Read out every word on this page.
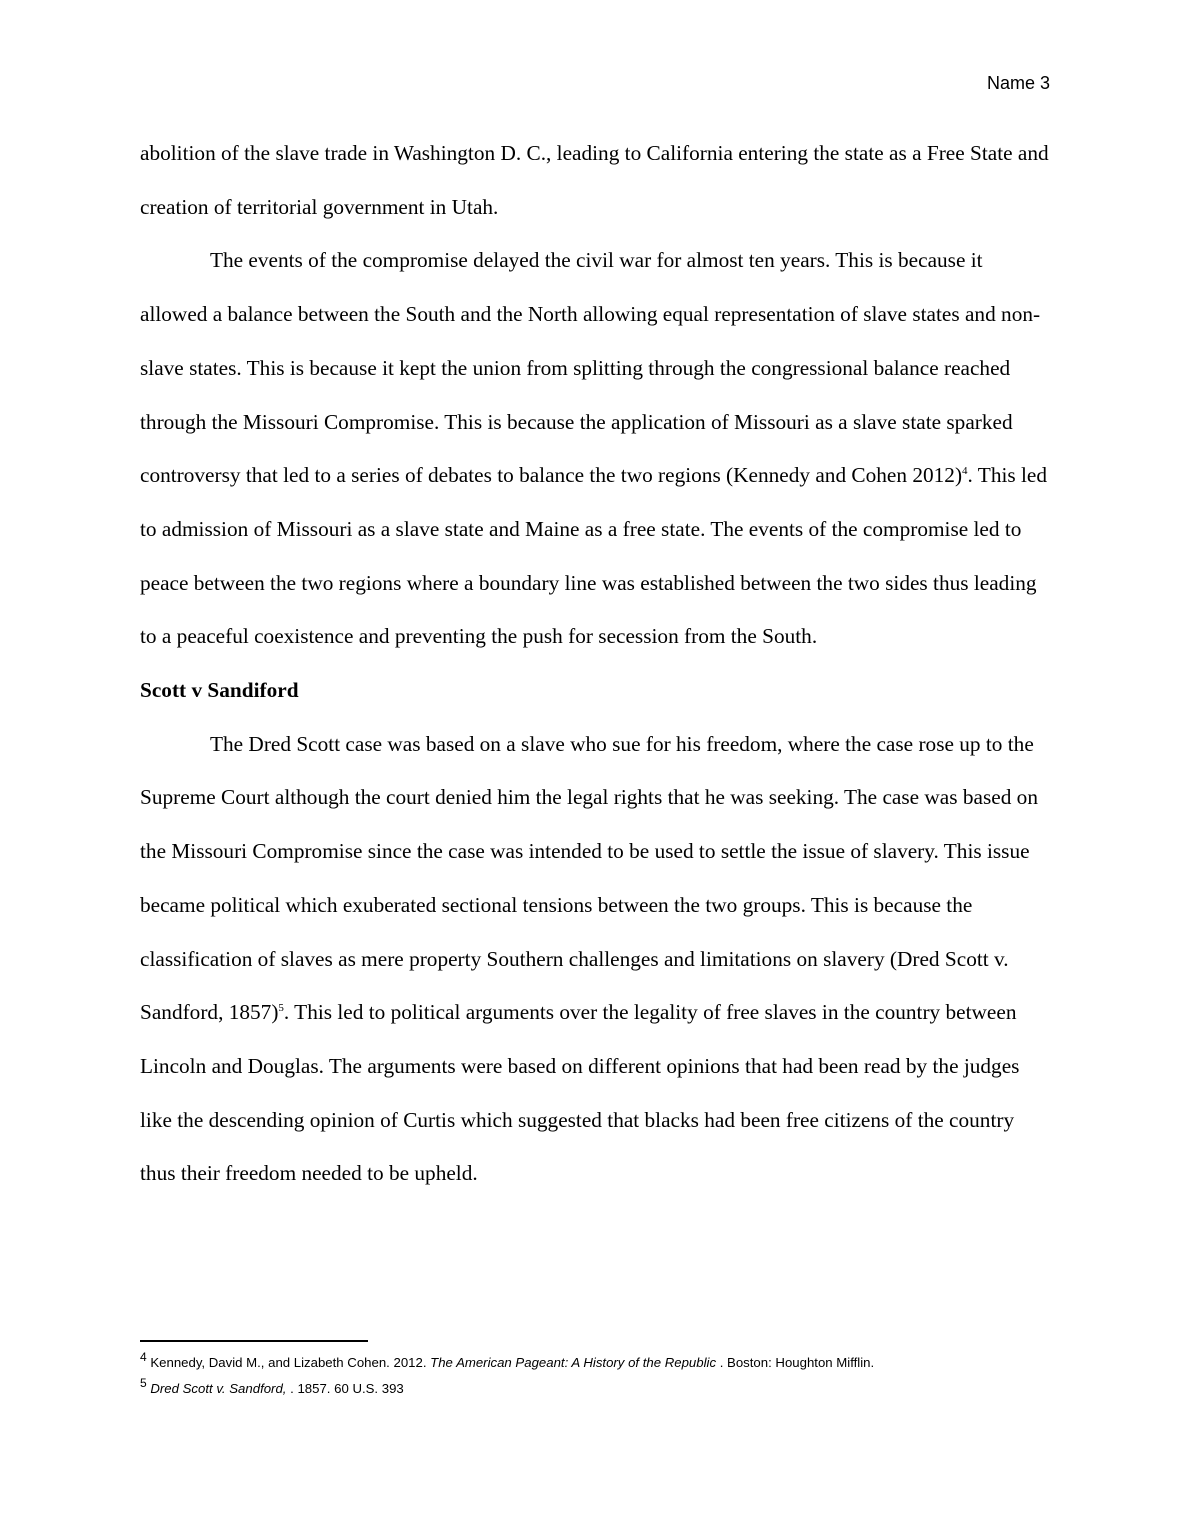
Name 3

abolition of the slave trade in Washington D. C., leading to California entering the state as a Free State and creation of territorial government in Utah.

The events of the compromise delayed the civil war for almost ten years. This is because it allowed a balance between the South and the North allowing equal representation of slave states and non-slave states. This is because it kept the union from splitting through the congressional balance reached through the Missouri Compromise. This is because the application of Missouri as a slave state sparked controversy that led to a series of debates to balance the two regions (Kennedy and Cohen 2012)$^4$. This led to admission of Missouri as a slave state and Maine as a free state. The events of the compromise led to peace between the two regions where a boundary line was established between the two sides thus leading to a peaceful coexistence and preventing the push for secession from the South.

Scott v Sandiford

The Dred Scott case was based on a slave who sue for his freedom, where the case rose up to the Supreme Court although the court denied him the legal rights that he was seeking. The case was based on the Missouri Compromise since the case was intended to be used to settle the issue of slavery. This issue became political which exuberated sectional tensions between the two groups. This is because the classification of slaves as mere property Southern challenges and limitations on slavery (Dred Scott v. Sandford, 1857)$^5$. This led to political arguments over the legality of free slaves in the country between Lincoln and Douglas. The arguments were based on different opinions that had been read by the judges like the descending opinion of Curtis which suggested that blacks had been free citizens of the country thus their freedom needed to be upheld.

4 Kennedy, David M., and Lizabeth Cohen. 2012. The American Pageant: A History of the Republic . Boston: Houghton Mifflin.

5 Dred Scott v. Sandford, . 1857. 60 U.S. 393
